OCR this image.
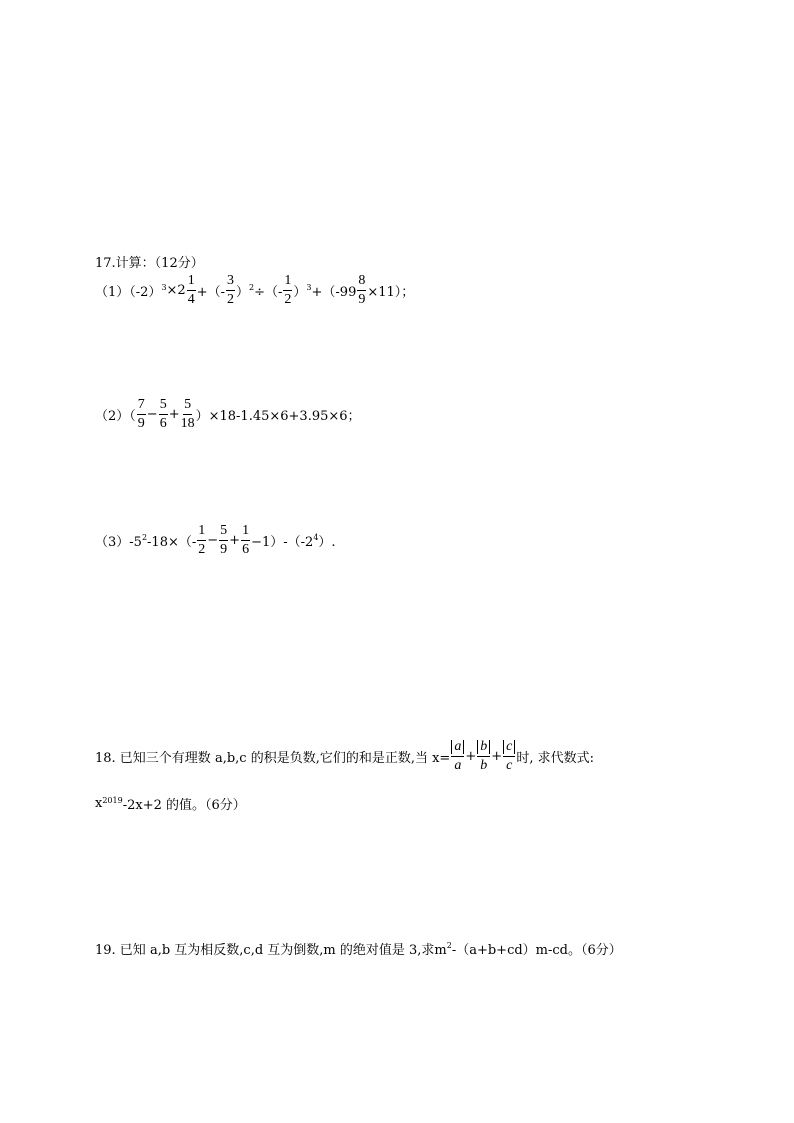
17.计算：（12分）
$(1)(-2)^3 \times 2 \frac{1}{4}$ +（- $\frac{3}{2} )^2$ ÷（- $\frac{1}{2} )^3 +(-99 \frac{8}{9} \times 11)$；
$(2)( \frac{7}{9} - \frac{5}{6} + \frac{5}{18} )\times 18-1.45\times 6+3.95\times 6$；
$(3)-5^2$ $-18\times(- \frac{1}{2} - \frac{5}{9} + \frac{1}{6} -1)-(-2^4$ ）.
18. 已知三个有理数 a,b,c 的积是负数,它们的和是正数,当 $x= \frac{a}{a} + \frac{b}{b} + \frac{c}{c}$ 时, 求代数式:
$x^{2019}$ -2x+2 的值。（6分）
19. 已知 a,b 互为相反数,c,d 互为倒数,m 的绝对值是 3,求$m^2$ -（a+b+cd）m-cd。（6分）
